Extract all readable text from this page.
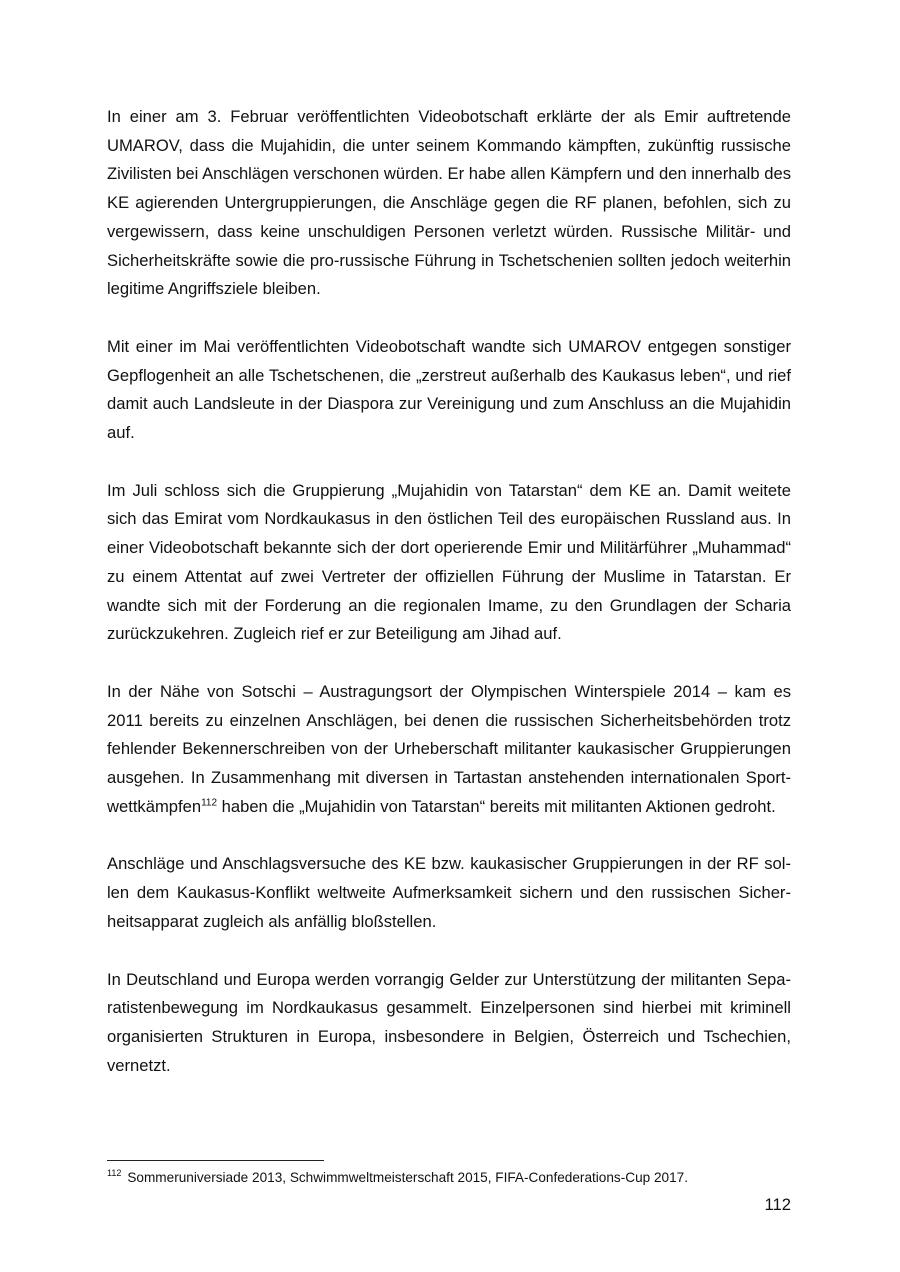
In einer am 3. Februar veröffentlichten Videobotschaft erklärte der als Emir auftretende UMAROV, dass die Mujahidin, die unter seinem Kommando kämpften, zukünftig russische Zivilisten bei Anschlägen verschonen würden. Er habe allen Kämpfern und den innerhalb des KE agierenden Untergruppierungen, die Anschläge gegen die RF planen, befohlen, sich zu vergewissern, dass keine unschuldigen Personen verletzt würden. Russische Militär- und Sicherheitskräfte sowie die pro-russische Führung in Tschetschenien sollten jedoch weiterhin legitime Angriffsziele bleiben.

Mit einer im Mai veröffentlichten Videobotschaft wandte sich UMAROV entgegen sonstiger Gepflogenheit an alle Tschetschenen, die „zerstreut außerhalb des Kaukasus leben“, und rief damit auch Landsleute in der Diaspora zur Vereinigung und zum Anschluss an die Mujahidin auf.

Im Juli schloss sich die Gruppierung „Mujahidin von Tatarstan“ dem KE an. Damit weitete sich das Emirat vom Nordkaukasus in den östlichen Teil des europäischen Russland aus. In einer Videobotschaft bekannte sich der dort operierende Emir und Militärführer „Muhammad“ zu einem Attentat auf zwei Vertreter der offiziellen Führung der Muslime in Tatarstan. Er wandte sich mit der Forderung an die regionalen Imame, zu den Grundlagen der Scharia zurückzukehren. Zugleich rief er zur Beteiligung am Jihad auf.

In der Nähe von Sotschi – Austragungsort der Olympischen Winterspiele 2014 – kam es 2011 bereits zu einzelnen Anschlägen, bei denen die russischen Sicherheitsbehörden trotz fehlender Bekennerschreiben von der Urheberschaft militanter kaukasischer Gruppierungen ausgehen. In Zusammenhang mit diversen in Tartastan anstehenden internationalen Sportwettkämpfen$^{112}$ haben die „Mujahidin von Tatarstan“ bereits mit militanten Aktionen gedroht.

Anschläge und Anschlagsversuche des KE bzw. kaukasischer Gruppierungen in der RF sollen dem Kaukasus-Konflikt weltweite Aufmerksamkeit sichern und den russischen Sicherheitsapparat zugleich als anfällig bloßstellen.

In Deutschland und Europa werden vorrangig Gelder zur Unterstützung der militanten Separatistenbewegung im Nordkaukasus gesammelt. Einzelpersonen sind hierbei mit kriminell organisierten Strukturen in Europa, insbesondere in Belgien, Österreich und Tschechien, vernetzt.

$^{112}$ Sommeruniversiade 2013, Schwimmweltmeisterschaft 2015, FIFA-Confederations-Cup 2017.
112
